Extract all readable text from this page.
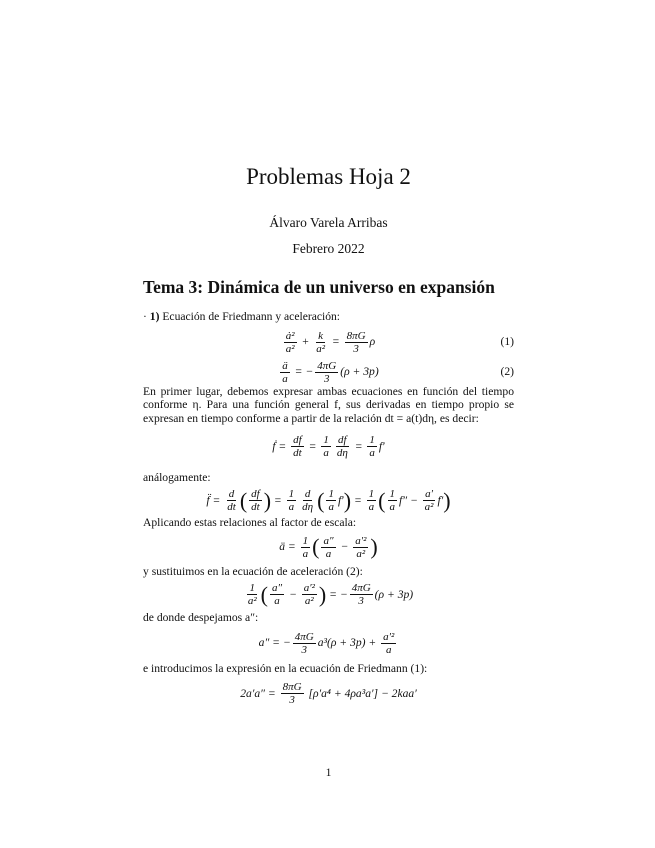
Problemas Hoja 2
Álvaro Varela Arribas
Febrero 2022
Tema 3: Dinámica de un universo en expansión

· 1) Ecuación de Friedmann y aceleración:

$\frac{\text{ȧ²}}{\text{a²}} + \frac{k}{\text{a²}} = \frac{8\pi G}{3}$ ρ	(1)
$\frac{ä}{a}$ = − $\frac{4\pi G}{3} (\rho + 3p)$	(2)

En primer lugar, debemos expresar ambas ecuaciones en función del tiempo conforme η. Para una función general f, sus derivadas en tiempo propio se expresan en tiempo conforme a partir de la relación dt = a(t)dη, es decir:

ḟ = $\frac{df}{dt} = \frac{1}{a} \frac{df}{d\eta} = \frac{1}{a} f'$

análogamente:

f̈ = $\frac{d}{dt}$ ( $\frac{df}{dt}$ ) = $\frac{1}{a} \frac{d}{d\eta}$ ( $\frac{1}{a} f'$ ) = $\frac{1}{a}$ ( $\frac{1}{a} f'' - \frac{a'}{\text{a²}} f'$ )

Aplicando estas relaciones al factor de escala:

ä = $\frac{1}{a}$ ( $\frac{a''}{a} - \frac{\text{a′²}}{\text{a²}}$ )

y sustituimos en la ecuación de aceleración (2):

$\frac{1}{\text{a²}}$ ( $\frac{a''}{a} - \frac{\text{a′²}}{\text{a²}}$ ) = − $\frac{4\pi G}{3} (\rho + 3p)$

de donde despejamos a″:

a″ = − $\frac{4\pi G}{3} a^3(\rho + 3p) + \frac{\text{a′²}}{a}$

e introducimos la expresión en la ecuación de Friedmann (1):

$2a'a'' = \frac{8\pi G}{3} [\rho'a^4 + 4\rho a^3a'] - 2kaa'$
1
